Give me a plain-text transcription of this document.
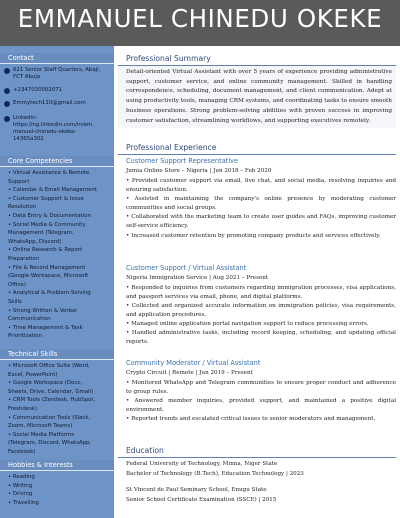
EMMANUEL CHINEDU OKEKE
Contact
621 Senior Staff Quarters, Abaji,
FCT Abuja
+2347030002071
Emmytech110@gmail.com
Linkedin:
https://ng.linkedin.com/in/em
manuel-chinedu-okeke-
14365a302
Core Competencies
• Virtual Assistance & Remote
Support
• Calendar & Email Management
• Customer Support & Issue
Resolution
• Data Entry & Documentation
• Social Media & Community
Management (Telegram,
WhatsApp, Discord)
• Online Research & Report
Preparation
• File & Record Management
(Google Workspace, Microsoft
Office)
• Analytical & Problem-Solving
Skills
• Strong Written & Verbal
Communication
• Time Management & Task
Prioritization
Technical Skills
• Microsoft Office Suite (Word,
Excel, PowerPoint)
• Google Workspace (Docs,
Sheets, Drive, Calendar, Gmail)
• CRM Tools (Zendesk, HubSpot,
Freshdesk)
• Communication Tools (Slack,
Zoom, Microsoft Teams)
• Social Media Platforms
(Telegram, Discord, WhatsApp,
Facebook)
Hobbies & Interests
• Reading
• Writing
• Driving
• Travelling
Professional Summary

Detail-oriented Virtual Assistant with over 5 years of experience providing administrative support, customer service, and online community management. Skilled in handling correspondence, scheduling, document management, and client communication. Adept at using productivity tools, managing CRM systems, and coordinating tasks to ensure smooth business operations. Strong problem-solving abilities with proven success in improving customer satisfaction, streamlining workflows, and supporting executives remotely.

Professional Experience
Customer Support Representative
Jumia Online Store – Nigeria | Jun 2018 – Feb 2020

• Provided customer support via email, live chat, and social media, resolving inquiries and ensuring satisfaction.

• Assisted in maintaining the company's online presence by moderating customer communities and social groups.

• Collaborated with the marketing team to create user guides and FAQs, improving customer self-service efficiency.

• Increased customer retention by promoting company products and services effectively.

Customer Support / Virtual Assistant
Nigeria Immigration Service | Aug 2021 – Present

• Responded to inquiries from customers regarding immigration processes, visa applications, and passport services via email, phone, and digital platforms.

• Collected and organized accurate information on immigration policies, visa requirements, and application procedures.

• Managed online application portal navigation support to reduce processing errors.

• Handled administrative tasks, including record keeping, scheduling, and updating official reports.

Community Moderator / Virtual Assistant
Crypto Circuit | Remote | Jun 2019 – Present

• Monitored WhatsApp and Telegram communities to ensure proper conduct and adherence to group rules.

• Answered member inquiries, provided support, and maintained a positive digital environment.

• Reported trends and escalated critical issues to senior moderators and management.

Education
Federal University of Technology, Minna, Niger State
Bachelor of Technology (B.Tech), Education Technology | 2023
St Vincent de Paul Seminary School, Enugu State
Senior School Certificate Examination (SSCE) | 2015
